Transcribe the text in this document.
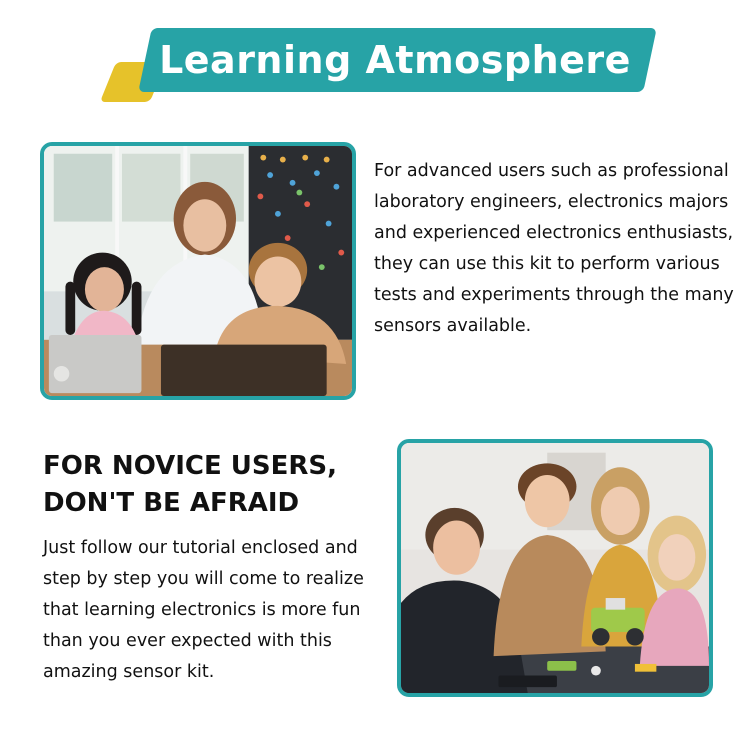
Learning Atmosphere
For advanced users such as professional
laboratory engineers, electronics majors
and experienced electronics enthusiasts,
they can use this kit to perform various
tests and experiments through the many
sensors available.
FOR NOVICE USERS,
DON'T BE AFRAID
Just follow our tutorial enclosed and
step by step you will come to realize
that learning electronics is more fun
than you ever expected with this
amazing sensor kit.
